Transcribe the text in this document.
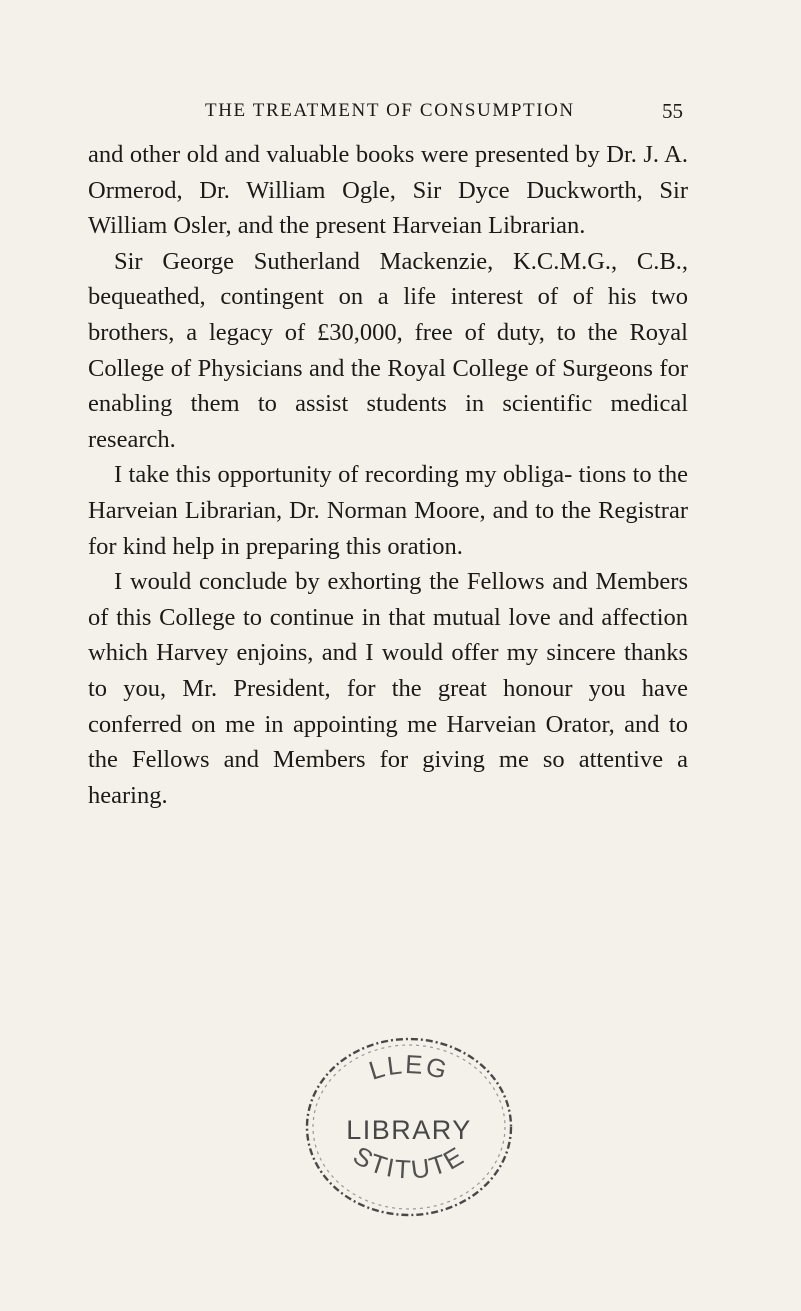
THE TREATMENT OF CONSUMPTION	55

and other old and valuable books were presented by Dr. J. A. Ormerod, Dr. William Ogle, Sir Dyce Duckworth, Sir William Osler, and the present Harveian Librarian.

Sir George Sutherland Mackenzie, K.C.M.G., C.B., bequeathed, contingent on a life interest of of his two brothers, a legacy of £30,000, free of duty, to the Royal College of Physicians and the Royal College of Surgeons for enabling them to assist students in scientific medical research.

I take this opportunity of recording my obliga- tions to the Harveian Librarian, Dr. Norman Moore, and to the Registrar for kind help in preparing this oration.

I would conclude by exhorting the Fellows and Members of this College to continue in that mutual love and affection which Harvey enjoins, and I would offer my sincere thanks to you, Mr. President, for the great honour you have conferred on me in appointing me Harveian Orator, and to the Fellows and Members for giving me so attentive a hearing.

LLEG
LIBRARY
STITUTE
